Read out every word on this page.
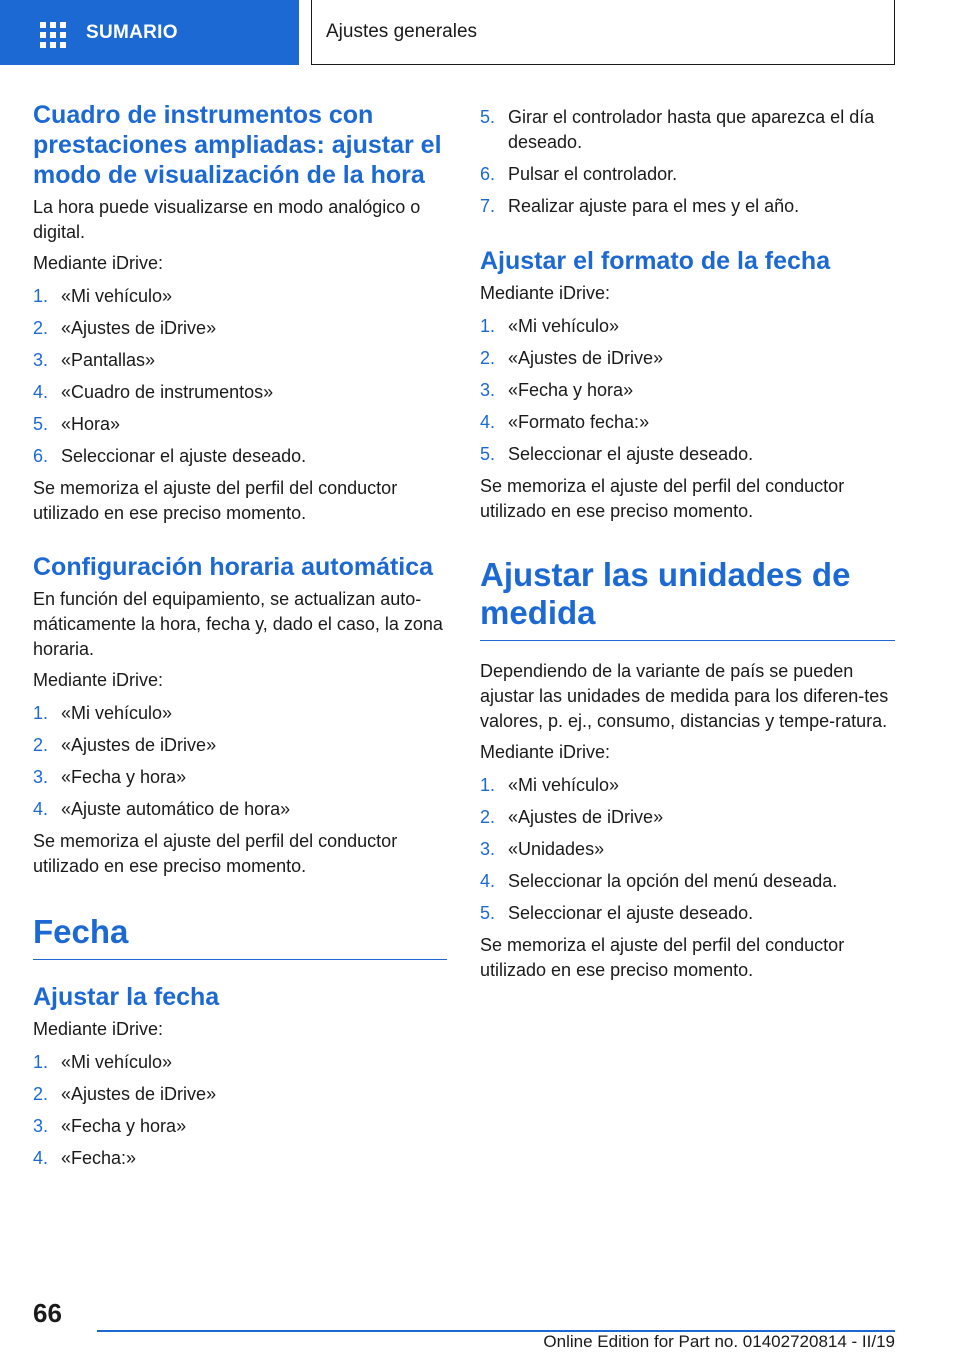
SUMARIO	Ajustes generales
Cuadro de instrumentos con prestaciones ampliadas: ajustar el modo de visualización de la hora

La hora puede visualizarse en modo analógico o digital.

Mediante iDrive:

1. «Mi vehículo»
2. «Ajustes de iDrive»
3. «Pantallas»
4. «Cuadro de instrumentos»
5. «Hora»
6. Seleccionar el ajuste deseado.

Se memoriza el ajuste del perfil del conductor utilizado en ese preciso momento.

Configuración horaria automática

En función del equipamiento, se actualizan auto‐máticamente la hora, fecha y, dado el caso, la zona horaria.

Mediante iDrive:

1. «Mi vehículo»
2. «Ajustes de iDrive»
3. «Fecha y hora»
4. «Ajuste automático de hora»

Se memoriza el ajuste del perfil del conductor utilizado en ese preciso momento.

Fecha
Ajustar la fecha

Mediante iDrive:

1. «Mi vehículo»
2. «Ajustes de iDrive»
3. «Fecha y hora»
4. «Fecha:»
5. Girar el controlador hasta que aparezca el día deseado.
6. Pulsar el controlador.
7. Realizar ajuste para el mes y el año.
Ajustar el formato de la fecha

Mediante iDrive:

1. «Mi vehículo»
2. «Ajustes de iDrive»
3. «Fecha y hora»
4. «Formato fecha:»
5. Seleccionar el ajuste deseado.

Se memoriza el ajuste del perfil del conductor utilizado en ese preciso momento.

Ajustar las unidades de medida

Dependiendo de la variante de país se pueden ajustar las unidades de medida para los diferen‐tes valores, p. ej., consumo, distancias y tempe‐ratura.

Mediante iDrive:

1. «Mi vehículo»
2. «Ajustes de iDrive»
3. «Unidades»
4. Seleccionar la opción del menú deseada.
5. Seleccionar el ajuste deseado.

Se memoriza el ajuste del perfil del conductor utilizado en ese preciso momento.

66
Online Edition for Part no. 01402720814 - II/19
